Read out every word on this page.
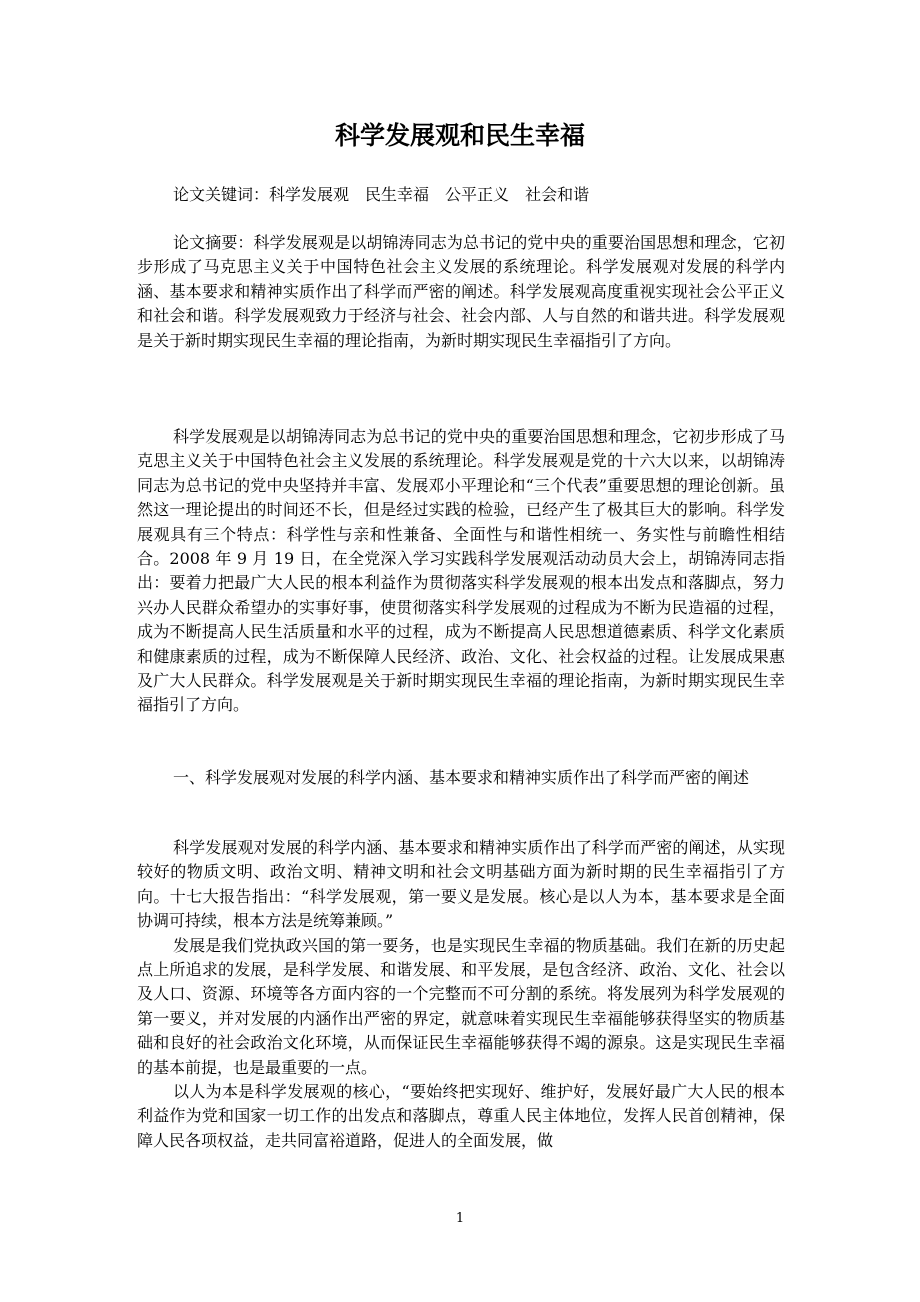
科学发展观和民生幸福
论文关键词：科学发展观 民生幸福 公平正义 社会和谐

论文摘要：科学发展观是以胡锦涛同志为总书记的党中央的重要治国思想和理念，它初步形成了马克思主义关于中国特色社会主义发展的系统理论。科学发展观对发展的科学内涵、基本要求和精神实质作出了科学而严密的阐述。科学发展观高度重视实现社会公平正义和社会和谐。科学发展观致力于经济与社会、社会内部、人与自然的和谐共进。科学发展观是关于新时期实现民生幸福的理论指南，为新时期实现民生幸福指引了方向。

科学发展观是以胡锦涛同志为总书记的党中央的重要治国思想和理念，它初步形成了马克思主义关于中国特色社会主义发展的系统理论。科学发展观是党的十六大以来，以胡锦涛同志为总书记的党中央坚持并丰富、发展邓小平理论和“三个代表”重要思想的理论创新。虽然这一理论提出的时间还不长，但是经过实践的检验，已经产生了极其巨大的影响。科学发展观具有三个特点：科学性与亲和性兼备、全面性与和谐性相统一、务实性与前瞻性相结合。2008 年 9 月 19 日，在全党深入学习实践科学发展观活动动员大会上，胡锦涛同志指出：要着力把最广大人民的根本利益作为贯彻落实科学发展观的根本出发点和落脚点，努力兴办人民群众希望办的实事好事，使贯彻落实科学发展观的过程成为不断为民造福的过程，成为不断提高人民生活质量和水平的过程，成为不断提高人民思想道德素质、科学文化素质和健康素质的过程，成为不断保障人民经济、政治、文化、社会权益的过程。让发展成果惠及广大人民群众。科学发展观是关于新时期实现民生幸福的理论指南，为新时期实现民生幸福指引了方向。

一、科学发展观对发展的科学内涵、基本要求和精神实质作出了科学而严密的阐述

科学发展观对发展的科学内涵、基本要求和精神实质作出了科学而严密的阐述，从实现较好的物质文明、政治文明、精神文明和社会文明基础方面为新时期的民生幸福指引了方向。十七大报告指出：“科学发展观，第一要义是发展。核心是以人为本，基本要求是全面协调可持续，根本方法是统筹兼顾。”

发展是我们党执政兴国的第一要务，也是实现民生幸福的物质基础。我们在新的历史起点上所追求的发展，是科学发展、和谐发展、和平发展，是包含经济、政治、文化、社会以及人口、资源、环境等各方面内容的一个完整而不可分割的系统。将发展列为科学发展观的第一要义，并对发展的内涵作出严密的界定，就意味着实现民生幸福能够获得坚实的物质基础和良好的社会政治文化环境，从而保证民生幸福能够获得不竭的源泉。这是实现民生幸福的基本前提，也是最重要的一点。

以人为本是科学发展观的核心，“要始终把实现好、维护好，发展好最广大人民的根本利益作为党和国家一切工作的出发点和落脚点，尊重人民主体地位，发挥人民首创精神，保障人民各项权益，走共同富裕道路，促进人的全面发展，做

1
